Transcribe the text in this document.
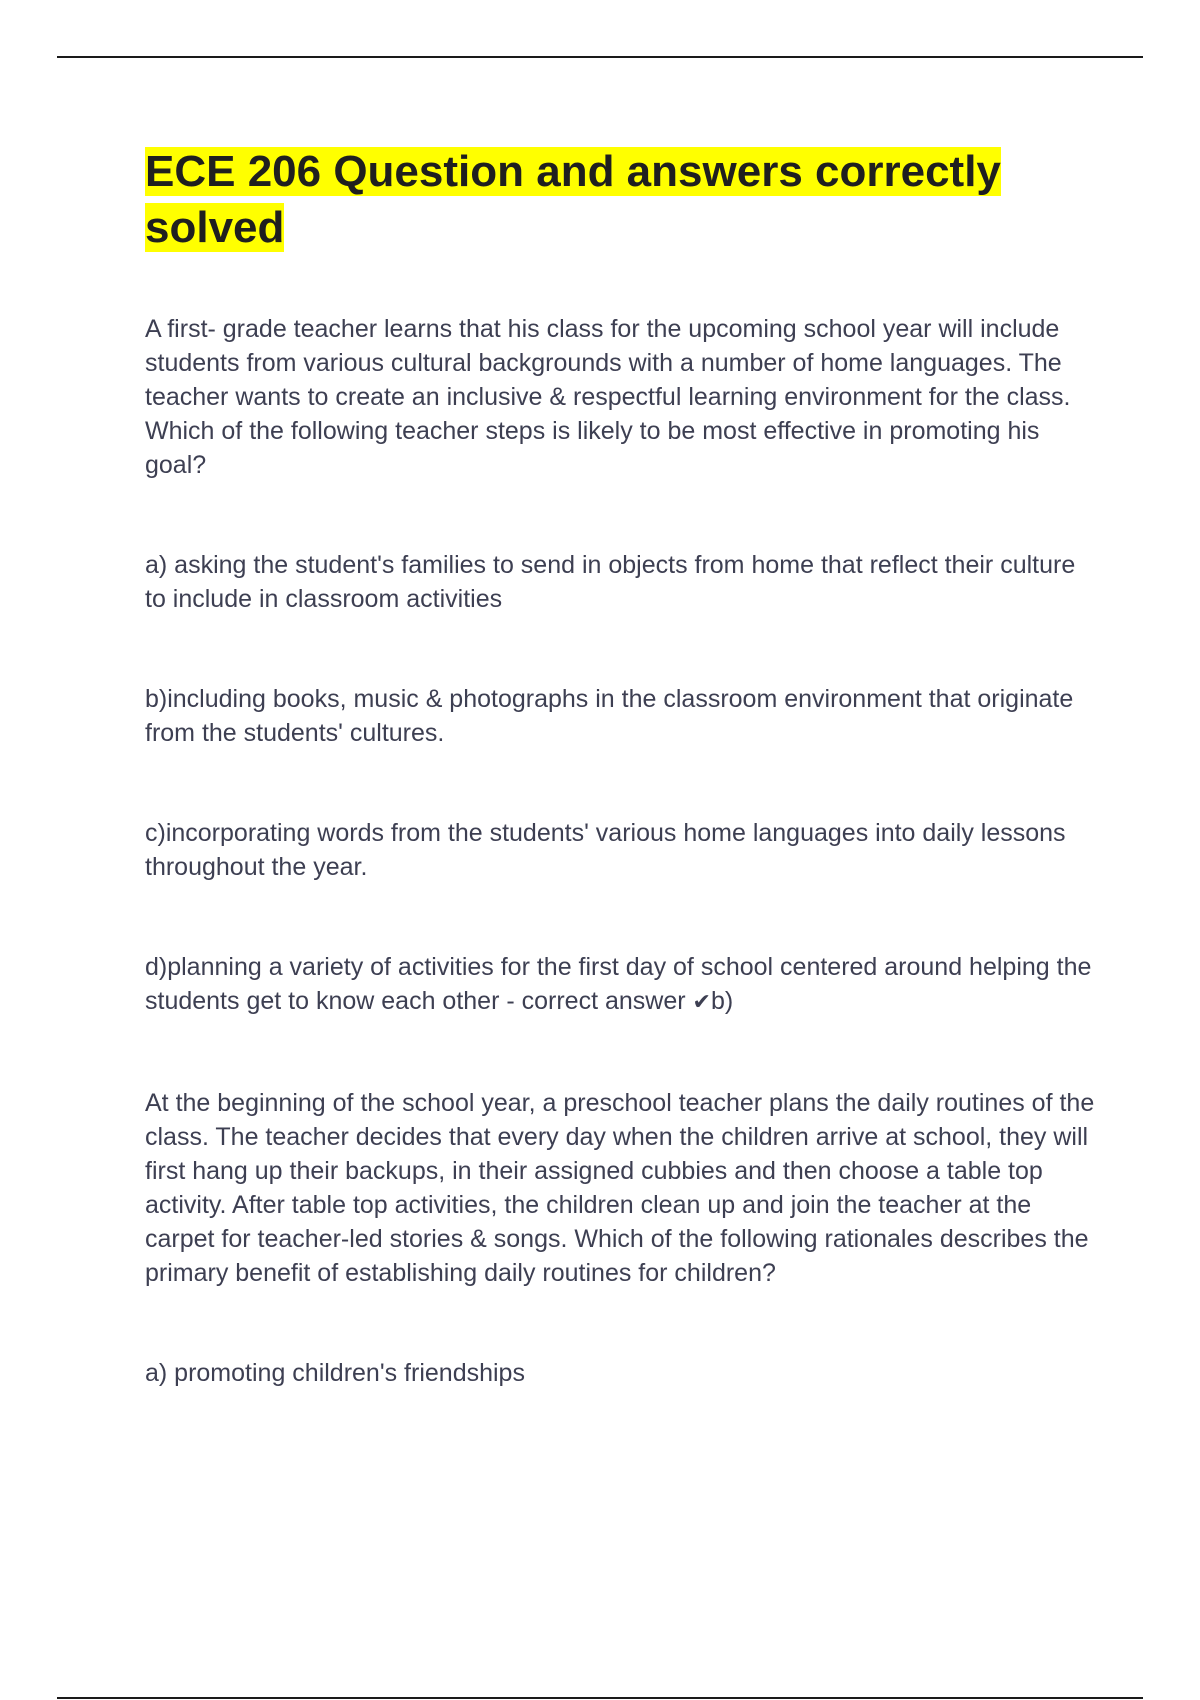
ECE 206 Question and answers correctly solved

A first- grade teacher learns that his class for the upcoming school year will include students from various cultural backgrounds with a number of home languages. The teacher wants to create an inclusive & respectful learning environment for the class. Which of the following teacher steps is likely to be most effective in promoting his goal?

a) asking the student's families to send in objects from home that reflect their culture to include in classroom activities

b)including books, music & photographs in the classroom environment that originate from the students' cultures.

c)incorporating words from the students' various home languages into daily lessons throughout the year.

d)planning a variety of activities for the first day of school centered around helping the students get to know each other - correct answer ✔b)

At the beginning of the school year, a preschool teacher plans the daily routines of the class. The teacher decides that every day when the children arrive at school, they will first hang up their backups, in their assigned cubbies and then choose a table top activity. After table top activities, the children clean up and join the teacher at the carpet for teacher-led stories & songs. Which of the following rationales describes the primary benefit of establishing daily routines for children?

a) promoting children's friendships
